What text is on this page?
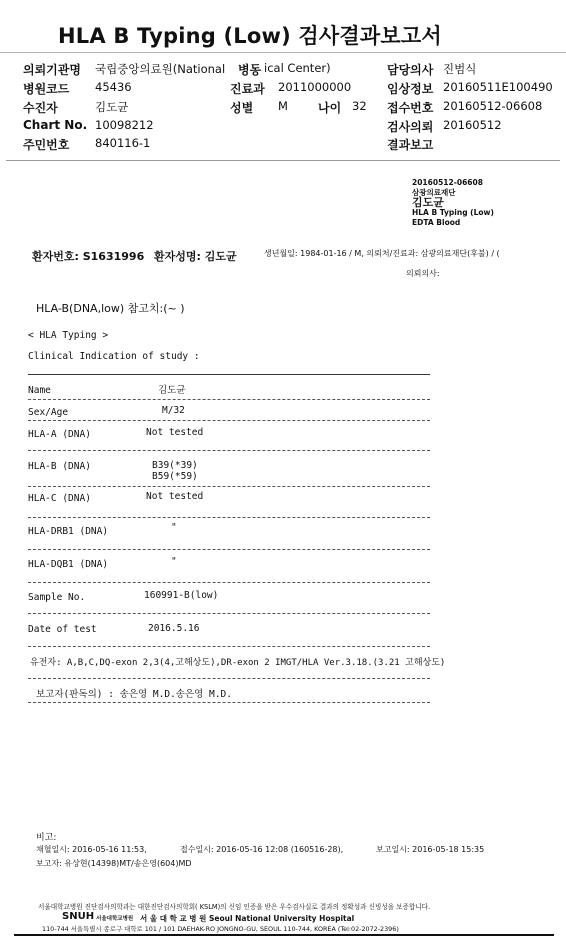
HLA B Typing (Low) 검사결과보고서
의뢰기관명 국립중앙의료원(National 병동 ical Center)	담당의사 진범식
병원코드 45436	진료과 2011000000	임상정보 20160511E100490
수진자	김도균	성별 M	나이 32 접수번호 20160512-06608
Chart No. 10098212	검사의뢰 20160512
주민번호 840116-1	결과보고
20160512-06608
삼광의료재단
김도균
HLA B Typing (Low)
EDTA Blood
환자번호: S1631996 환자성명: 김도균	생년월일: 1984-01-16 / M, 의뢰처/진료과: 삼광의료재단(후불) / (
의뢰의사:
HLA-B(DNA,low) 참고치:(~ )
< HLA Typing >
Clinical Indication of study :
Name	김도균
Sex/Age	M/32
HLA-A (DNA)	Not tested
HLA-B (DNA)	B39(*39)
B59(*59)
HLA-C (DNA)	Not tested
HLA-DRB1 (DNA)	"
HLA-DQB1 (DNA)	"
Sample No.	160991-B(low)
Date of test	2016.5.16
유전자: A,B,C,DQ-exon 2,3(4,고해상도),DR-exon 2 IMGT/HLA Ver.3.18.(3.21 고해상도)
보고자(판독의) : 송은영 M.D.송은영 M.D.
비고:
채혈일시: 2016-05-16 11:53,	접수일시: 2016-05-16 12:08 (160516-28),	보고일시: 2016-05-18 15:35
보고자: 유상현(14398)MT/송은영(604)MD
서울대학교병원 진단검사의학과는 대한진단검사의학회( KSLM)의 신임 인증을 받은 우수검사실로 결과의 정확성과 신빙성을 보증합니다.
SNUH 서울대학교병원 서 울 대 학 교 병 원 Seoul National University Hospital
110-744 서울특별시 종로구 대학로 101 / 101 DAEHAK-RO JONGNO-GU, SEOUL 110-744, KOREA (Tel:02-2072-2396)
